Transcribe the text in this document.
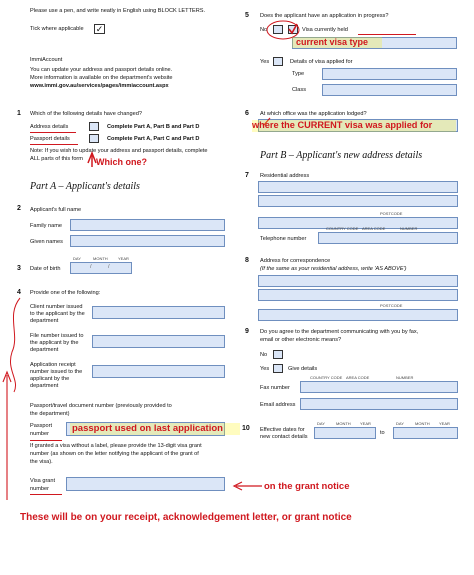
Please use a pen, and write neatly in English using BLOCK LETTERS.
Tick where applicable ✓
ImmiAccount
You can update your address and passport details online.
More information is available on the department's website
www.immi.gov.au/services/pages/immiaccount.aspx
1 Which of the following details have changed?
Address details	Complete Part A, Part B and Part D
Passport details	Complete Part A, Part C and Part D
Note: If you wish to update your address and passport details, complete
ALL parts of this form
Part A – Applicant's details
2 Applicant's full name
Family name
Given names
3 Date of birth
DAY	MONTH	YEAR
/	/
4 Provide one of the following:
Client number issued
to the applicant by the
department
File number issued to
the applicant by the
department
Application receipt
number issued to the
applicant by the
department
Passport/travel document number (previously provided to
the department)
Passport
number
If granted a visa without a label, please provide the 13-digit visa grant
number (as shown on the letter notifying the applicant of the grant of
the visa).
Visa grant
number
5 Does the applicant have an application in progress?
No	Visa currently held
Yes	Details of visa applied for
Type
Class
6 At which office was the application lodged?
Part B – Applicant's new address details
7 Residential address
POSTCODE
COUNTRY CODE AREA CODE	NUMBER
Telephone number
8 Address for correspondence
(If the same as your residential address, write 'AS ABOVE')
POSTCODE
9 Do you agree to the department communicating with you by fax,
email or other electronic means?
No
Yes	Give details
COUNTRY CODE AREA CODE	NUMBER
Fax number
Email address
10 Effective dates for
new contact details
DAY	MONTH YEAR
to
DAY	MONTH YEAR
current visa type
where the CURRENT visa was applied for
Which one?
passport used on last application
on the grant notice
These will be on your receipt, acknowledgement letter, or grant notice
